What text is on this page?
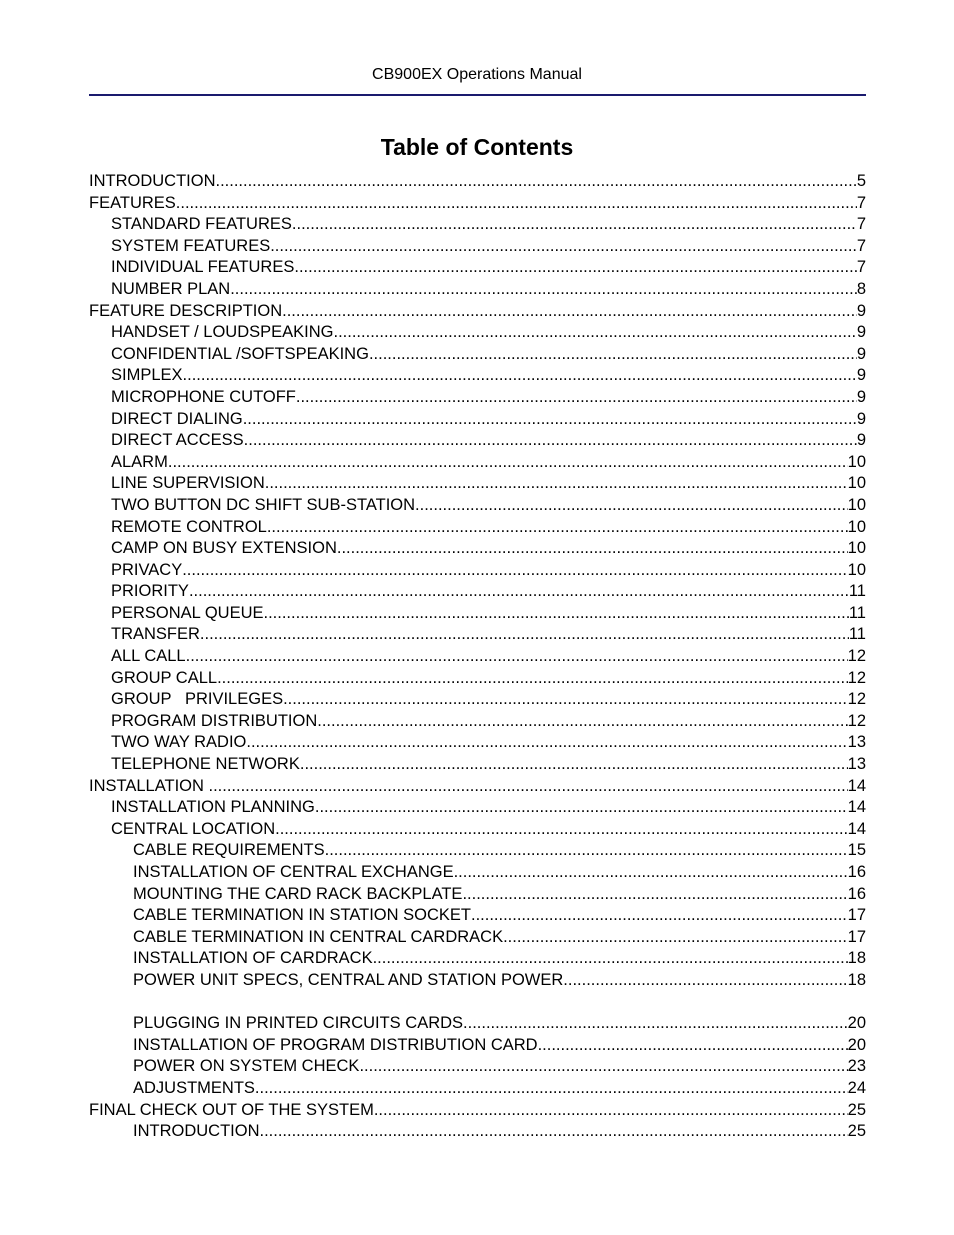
CB900EX Operations Manual
Table of Contents
INTRODUCTION .....	5
FEATURES .....	7
STANDARD FEATURES .....	7
SYSTEM FEATURES .....	7
INDIVIDUAL FEATURES .....	7
NUMBER PLAN .....	8
FEATURE DESCRIPTION .....	9
HANDSET / LOUDSPEAKING .....	9
CONFIDENTIAL /SOFTSPEAKING .....	9
SIMPLEX .....	9
MICROPHONE CUTOFF .....	9
DIRECT DIALING .....	9
DIRECT ACCESS .....	9
ALARM .....	10
LINE SUPERVISION .....	10
TWO BUTTON DC SHIFT SUB-STATION .....	10
REMOTE CONTROL .....	10
CAMP ON BUSY EXTENSION .....	10
PRIVACY .....	10
PRIORITY .....	11
PERSONAL QUEUE .....	11
TRANSFER .....	11
ALL CALL .....	12
GROUP CALL .....	12
GROUP   PRIVILEGES .....	12
PROGRAM DISTRIBUTION .....	12
TWO WAY RADIO .....	13
TELEPHONE NETWORK .....	13
INSTALLATION .....	14
INSTALLATION PLANNING .....	14
CENTRAL LOCATION .....	14
CABLE REQUIREMENTS .....	15
INSTALLATION OF CENTRAL EXCHANGE .....	16
MOUNTING THE CARD RACK BACKPLATE .....	16
CABLE TERMINATION IN STATION SOCKET .....	17
CABLE TERMINATION IN CENTRAL CARDRACK .....	17
INSTALLATION OF CARDRACK .....	18
POWER UNIT SPECS, CENTRAL AND STATION POWER .....	18
PLUGGING IN PRINTED CIRCUITS CARDS .....	20
INSTALLATION OF PROGRAM DISTRIBUTION CARD .....	20
POWER ON SYSTEM CHECK .....	23
ADJUSTMENTS .....	24
FINAL CHECK OUT OF THE SYSTEM .....	25
INTRODUCTION .....	25
